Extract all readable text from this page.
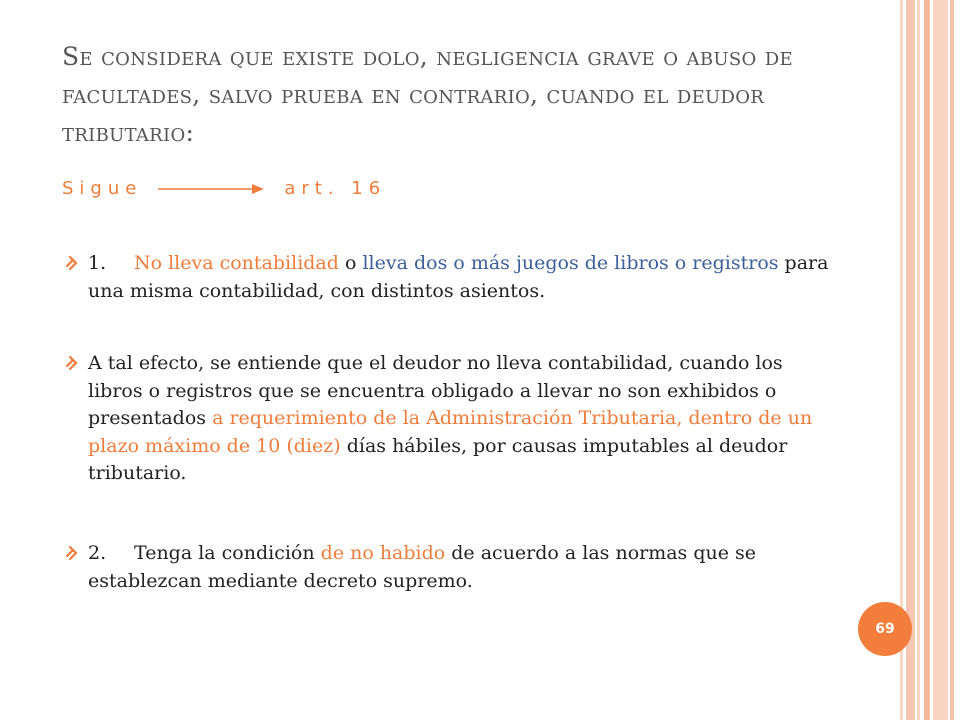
Se considera que existe dolo, negligencia grave o abuso de facultades, salvo prueba en contrario, cuando el deudor tributario:
Sigue	art. 16
1. No lleva contabilidad o lleva dos o más juegos de libros o registros para una misma contabilidad, con distintos asientos.
A tal efecto, se entiende que el deudor no lleva contabilidad, cuando los libros o registros que se encuentra obligado a llevar no son exhibidos o presentados a requerimiento de la Administración Tributaria, dentro de un plazo máximo de 10 (diez) días hábiles, por causas imputables al deudor tributario.
2. Tenga la condición de no habido de acuerdo a las normas que se establezcan mediante decreto supremo.
69
